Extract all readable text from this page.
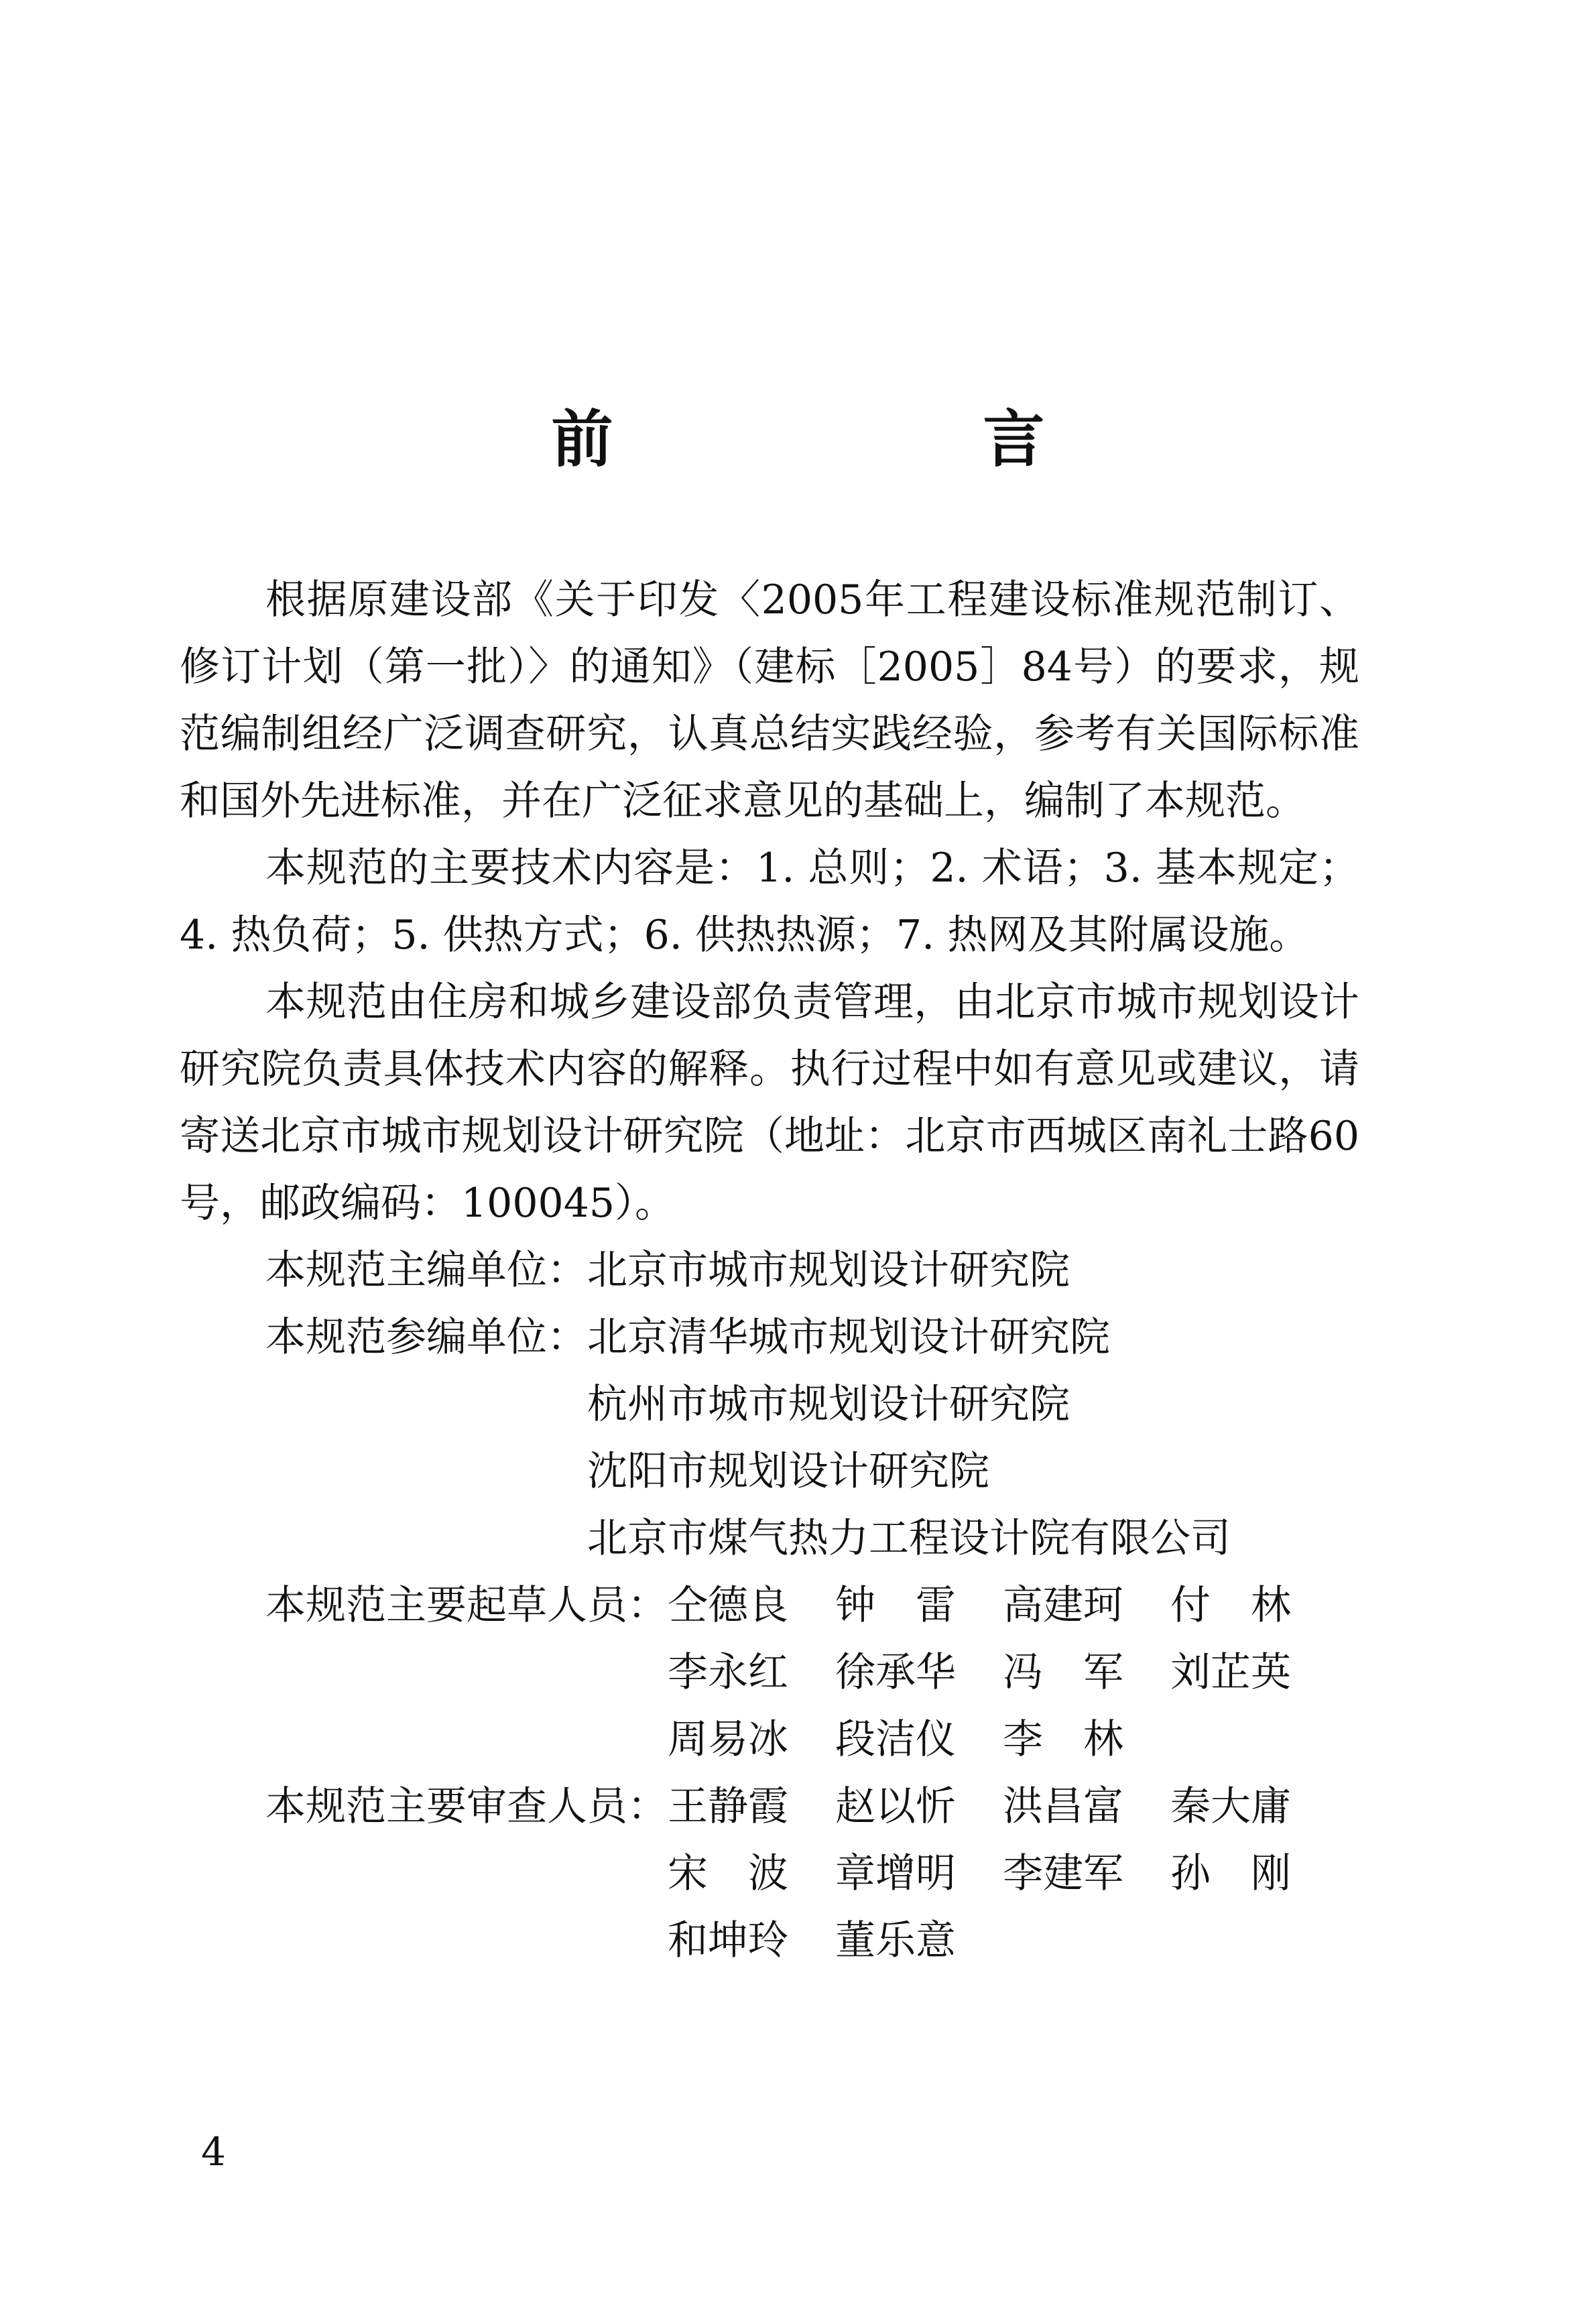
前　言

根据原建设部《关于印发〈2005年工程建设标准规范制订、修订计划（第一批）〉的通知》（建标［2005］84号）的要求，规范编制组经广泛调查研究，认真总结实践经验，参考有关国际标准和国外先进标准，并在广泛征求意见的基础上，编制了本规范。

本规范的主要技术内容是：1. 总则；2. 术语；3. 基本规定；4. 热负荷；5. 供热方式；6. 供热热源；7. 热网及其附属设施。

本规范由住房和城乡建设部负责管理，由北京市城市规划设计研究院负责具体技术内容的解释。执行过程中如有意见或建议，请寄送北京市城市规划设计研究院（地址：北京市西城区南礼士路60号，邮政编码：100045）。

本规范主编单位： 北京市城市规划设计研究院
本规范参编单位： 北京清华城市规划设计研究院
杭州市城市规划设计研究院
沈阳市规划设计研究院
北京市煤气热力工程设计院有限公司
本规范主要起草人员： 仝德良	钟　雷	高建珂	付　林
李永红	徐承华	冯　军	刘芷英
周易冰	段洁仪	李　林
本规范主要审查人员： 王静霞	赵以忻	洪昌富	秦大庸
宋　波	章增明	李建军	孙　刚
和坤玲	董乐意
4
